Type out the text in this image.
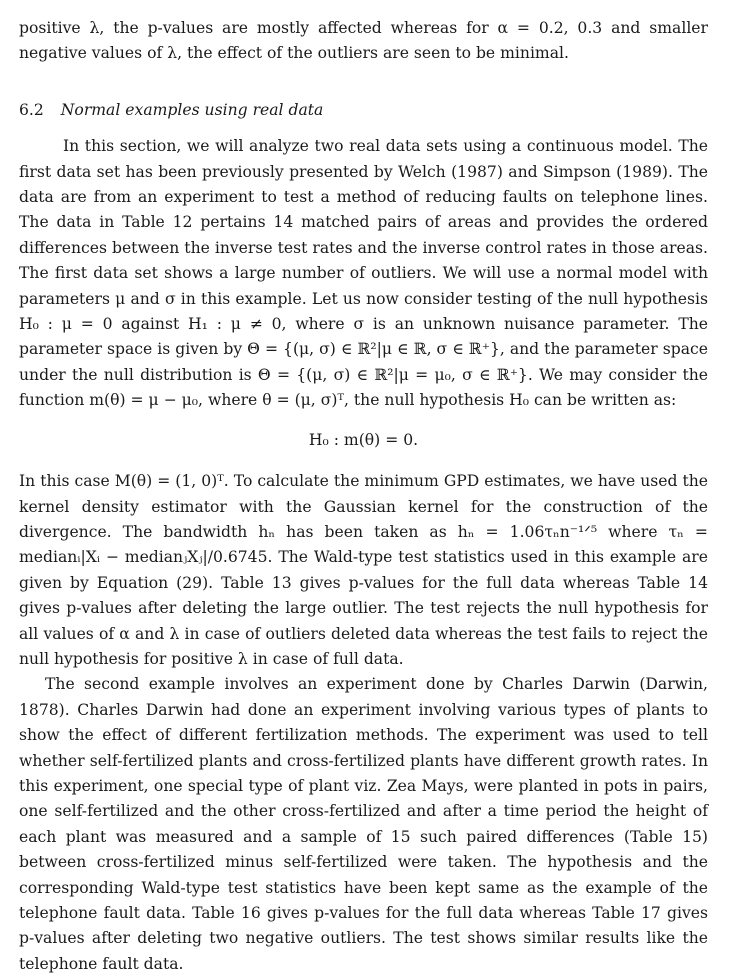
positive λ, the p-values are mostly affected whereas for α = 0.2, 0.3 and smaller negative values of λ, the effect of the outliers are seen to be minimal.

6.2 Normal examples using real data

In this section, we will analyze two real data sets using a continuous model. The first data set has been previously presented by Welch (1987) and Simpson (1989). The data are from an experiment to test a method of reducing faults on telephone lines. The data in Table 12 pertains 14 matched pairs of areas and provides the ordered differences between the inverse test rates and the inverse control rates in those areas. The first data set shows a large number of outliers. We will use a normal model with parameters μ and σ in this example. Let us now consider testing of the null hypothesis H₀ : μ = 0 against H₁ : μ ≠ 0, where σ is an unknown nuisance parameter. The parameter space is given by Θ = {(μ, σ) ∈ ℝ²|μ ∈ ℝ, σ ∈ ℝ⁺}, and the parameter space under the null distribution is Θ = {(μ, σ) ∈ ℝ²|μ = μ₀, σ ∈ ℝ⁺}. We may consider the function m(θ) = μ − μ₀, where θ = (μ, σ)ᵀ, the null hypothesis H₀ can be written as:

H₀ : m(θ) = 0.

In this case M(θ) = (1, 0)ᵀ. To calculate the minimum GPD estimates, we have used the kernel density estimator with the Gaussian kernel for the construction of the divergence. The bandwidth hₙ has been taken as hₙ = 1.06τₙn⁻¹ᐟ⁵ where τₙ = medianᵢ|Xᵢ − medianⱼXⱼ|/0.6745. The Wald-type test statistics used in this example are given by Equation (29). Table 13 gives p-values for the full data whereas Table 14 gives p-values after deleting the large outlier. The test rejects the null hypothesis for all values of α and λ in case of outliers deleted data whereas the test fails to reject the null hypothesis for positive λ in case of full data.

The second example involves an experiment done by Charles Darwin (Darwin, 1878). Charles Darwin had done an experiment involving various types of plants to show the effect of different fertilization methods. The experiment was used to tell whether self-fertilized plants and cross-fertilized plants have different growth rates. In this experiment, one special type of plant viz. Zea Mays, were planted in pots in pairs, one self-fertilized and the other cross-fertilized and after a time period the height of each plant was measured and a sample of 15 such paired differences (Table 15) between cross-fertilized minus self-fertilized were taken. The hypothesis and the corresponding Wald-type test statistics have been kept same as the example of the telephone fault data. Table 16 gives p-values for the full data whereas Table 17 gives p-values after deleting two negative outliers. The test shows similar results like the telephone fault data.
